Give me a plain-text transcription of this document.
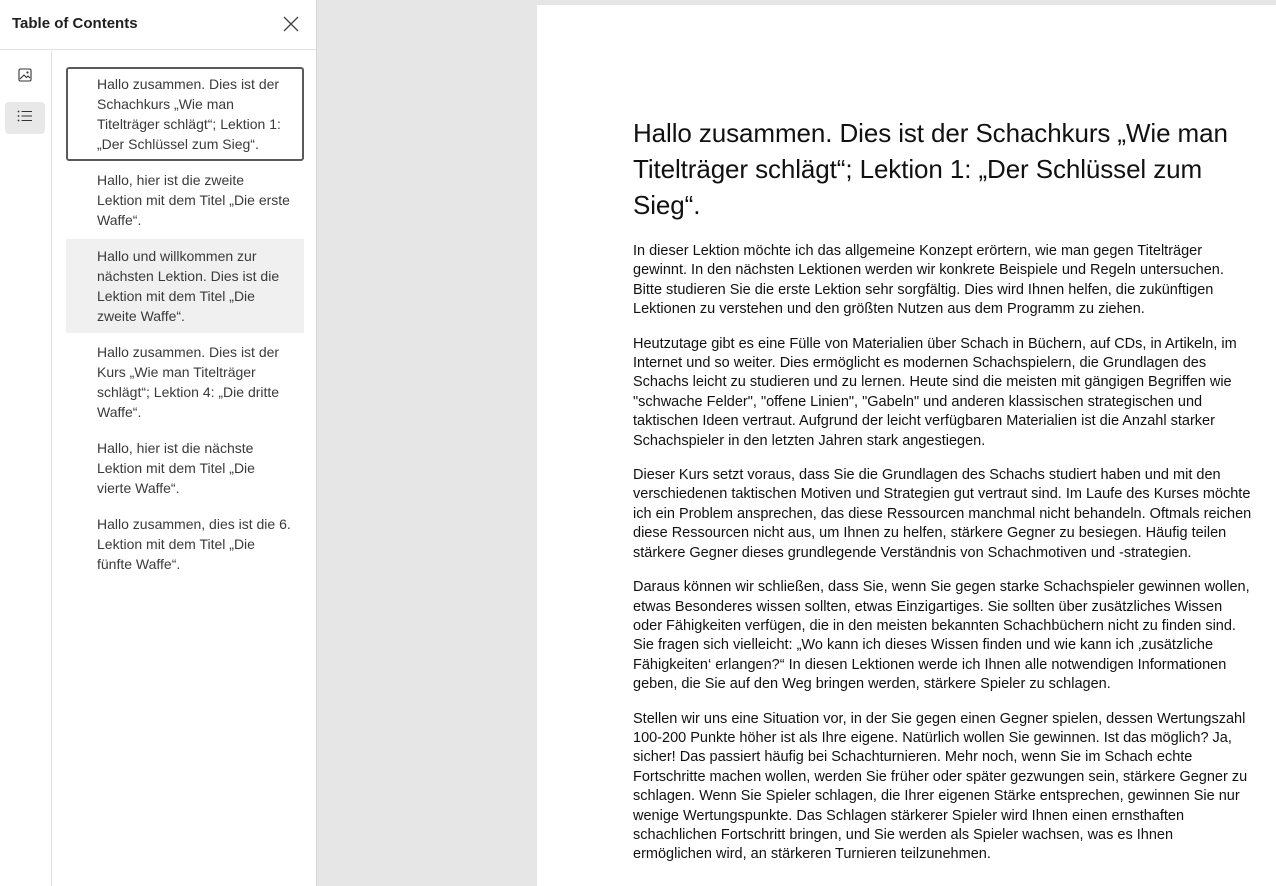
Table of Contents
Hallo zusammen. Dies ist der Schachkurs „Wie man Titelträger schlägt“; Lektion 1: „Der Schlüssel zum Sieg“.
Hallo, hier ist die zweite Lektion mit dem Titel „Die erste Waffe“.
Hallo und willkommen zur nächsten Lektion. Dies ist die Lektion mit dem Titel „Die zweite Waffe“.
Hallo zusammen. Dies ist der Kurs „Wie man Titelträger schlägt“; Lektion 4: „Die dritte Waffe“.
Hallo, hier ist die nächste Lektion mit dem Titel „Die vierte Waffe“.
Hallo zusammen, dies ist die 6. Lektion mit dem Titel „Die fünfte Waffe“.
Hallo zusammen. Dies ist der Schachkurs „Wie man Titelträger schlägt“; Lektion 1: „Der Schlüssel zum Sieg“.

In dieser Lektion möchte ich das allgemeine Konzept erörtern, wie man gegen Titelträger gewinnt. In den nächsten Lektionen werden wir konkrete Beispiele und Regeln untersuchen. Bitte studieren Sie die erste Lektion sehr sorgfältig. Dies wird Ihnen helfen, die zukünftigen Lektionen zu verstehen und den größten Nutzen aus dem Programm zu ziehen.

Heutzutage gibt es eine Fülle von Materialien über Schach in Büchern, auf CDs, in Artikeln, im Internet und so weiter. Dies ermöglicht es modernen Schachspielern, die Grundlagen des Schachs leicht zu studieren und zu lernen. Heute sind die meisten mit gängigen Begriffen wie "schwache Felder", "offene Linien", "Gabeln" und anderen klassischen strategischen und taktischen Ideen vertraut. Aufgrund der leicht verfügbaren Materialien ist die Anzahl starker Schachspieler in den letzten Jahren stark angestiegen.

Dieser Kurs setzt voraus, dass Sie die Grundlagen des Schachs studiert haben und mit den verschiedenen taktischen Motiven und Strategien gut vertraut sind. Im Laufe des Kurses möchte ich ein Problem ansprechen, das diese Ressourcen manchmal nicht behandeln. Oftmals reichen diese Ressourcen nicht aus, um Ihnen zu helfen, stärkere Gegner zu besiegen. Häufig teilen stärkere Gegner dieses grundlegende Verständnis von Schachmotiven und -strategien.

Daraus können wir schließen, dass Sie, wenn Sie gegen starke Schachspieler gewinnen wollen, etwas Besonderes wissen sollten, etwas Einzigartiges. Sie sollten über zusätzliches Wissen oder Fähigkeiten verfügen, die in den meisten bekannten Schachbüchern nicht zu finden sind. Sie fragen sich vielleicht: „Wo kann ich dieses Wissen finden und wie kann ich ‚zusätzliche Fähigkeiten‘ erlangen?“ In diesen Lektionen werde ich Ihnen alle notwendigen Informationen geben, die Sie auf den Weg bringen werden, stärkere Spieler zu schlagen.

Stellen wir uns eine Situation vor, in der Sie gegen einen Gegner spielen, dessen Wertungszahl 100-200 Punkte höher ist als Ihre eigene. Natürlich wollen Sie gewinnen. Ist das möglich? Ja, sicher! Das passiert häufig bei Schachturnieren. Mehr noch, wenn Sie im Schach echte Fortschritte machen wollen, werden Sie früher oder später gezwungen sein, stärkere Gegner zu schlagen. Wenn Sie Spieler schlagen, die Ihrer eigenen Stärke entsprechen, gewinnen Sie nur wenige Wertungspunkte. Das Schlagen stärkerer Spieler wird Ihnen einen ernsthaften schachlichen Fortschritt bringen, und Sie werden als Spieler wachsen, was es Ihnen ermöglichen wird, an stärkeren Turnieren teilzunehmen.
